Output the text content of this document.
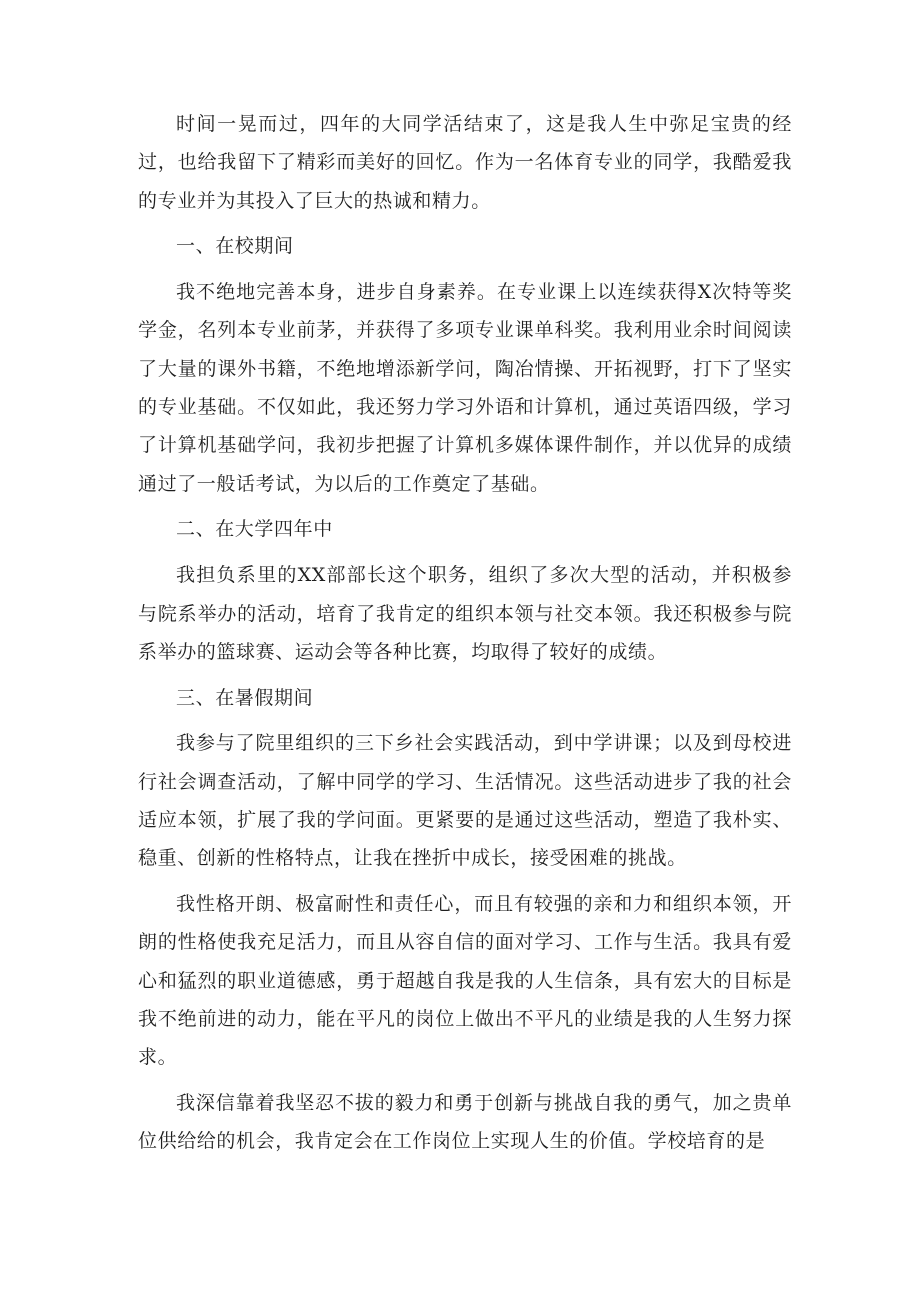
时间一晃而过，四年的大同学活结束了，这是我人生中弥足宝贵的经过，也给我留下了精彩而美好的回忆。作为一名体育专业的同学，我酷爱我的专业并为其投入了巨大的热诚和精力。

一、在校期间

我不绝地完善本身，进步自身素养。在专业课上以连续获得X次特等奖学金，名列本专业前茅，并获得了多项专业课单科奖。我利用业余时间阅读了大量的课外书籍，不绝地增添新学问，陶冶情操、开拓视野，打下了坚实的专业基础。不仅如此，我还努力学习外语和计算机，通过英语四级，学习了计算机基础学问，我初步把握了计算机多媒体课件制作，并以优异的成绩通过了一般话考试，为以后的工作奠定了基础。

二、在大学四年中

我担负系里的XX部部长这个职务，组织了多次大型的活动，并积极参与院系举办的活动，培育了我肯定的组织本领与社交本领。我还积极参与院系举办的篮球赛、运动会等各种比赛，均取得了较好的成绩。

三、在暑假期间

我参与了院里组织的三下乡社会实践活动，到中学讲课；以及到母校进行社会调查活动，了解中同学的学习、生活情况。这些活动进步了我的社会适应本领，扩展了我的学问面。更紧要的是通过这些活动，塑造了我朴实、稳重、创新的性格特点，让我在挫折中成长，接受困难的挑战。

我性格开朗、极富耐性和责任心，而且有较强的亲和力和组织本领，开朗的性格使我充足活力，而且从容自信的面对学习、工作与生活。我具有爱心和猛烈的职业道德感，勇于超越自我是我的人生信条，具有宏大的目标是我不绝前进的动力，能在平凡的岗位上做出不平凡的业绩是我的人生努力探求。

我深信靠着我坚忍不拔的毅力和勇于创新与挑战自我的勇气，加之贵单位供给给的机会，我肯定会在工作岗位上实现人生的价值。学校培育的是
